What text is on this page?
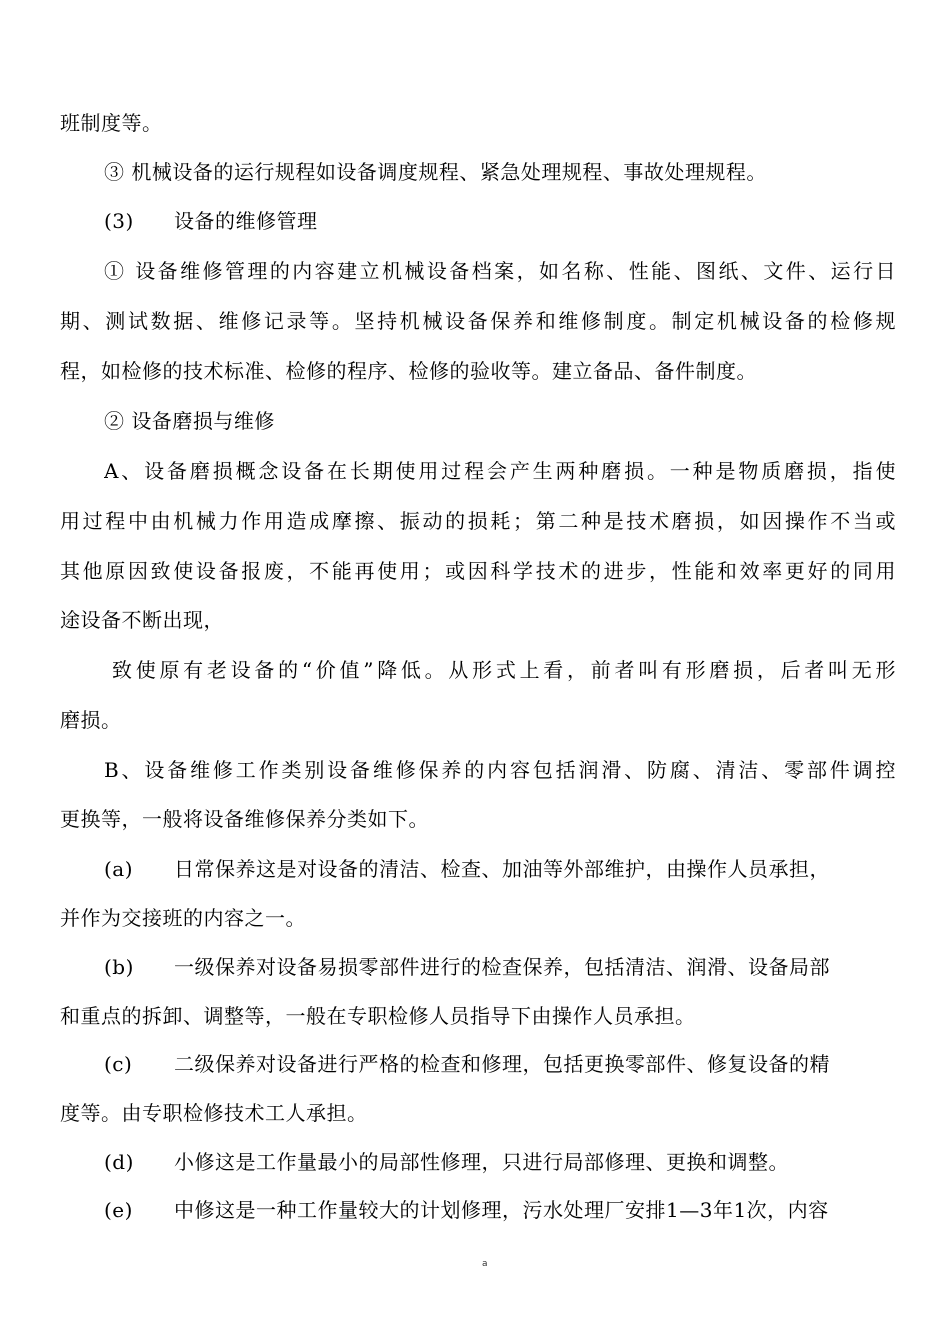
班制度等。
③ 机械设备的运行规程如设备调度规程、紧急处理规程、事故处理规程。
(3) 设备的维修管理
① 设备维修管理的内容建立机械设备档案，如名称、性能、图纸、文件、运行日
期、测试数据、维修记录等。坚持机械设备保养和维修制度。制定机械设备的检修规
程，如检修的技术标准、检修的程序、检修的验收等。建立备品、备件制度。
② 设备磨损与维修
A、设备磨损概念设备在长期使用过程会产生两种磨损。一种是物质磨损，指使
用过程中由机械力作用造成摩擦、振动的损耗；第二种是技术磨损，如因操作不当或
其他原因致使设备报废，不能再使用；或因科学技术的进步，性能和效率更好的同用
途设备不断出现，
致使原有老设备的“价值”降低。从形式上看，前者叫有形磨损，后者叫无形
磨损。
B、设备维修工作类别设备维修保养的内容包括润滑、防腐、清洁、零部件调控
更换等，一般将设备维修保养分类如下。
(a) 日常保养这是对设备的清洁、检查、加油等外部维护，由操作人员承担，
并作为交接班的内容之一。
(b) 一级保养对设备易损零部件进行的检查保养，包括清洁、润滑、设备局部
和重点的拆卸、调整等，一般在专职检修人员指导下由操作人员承担。
(c) 二级保养对设备进行严格的检查和修理，包括更换零部件、修复设备的精
度等。由专职检修技术工人承担。
(d) 小修这是工作量最小的局部性修理，只进行局部修理、更换和调整。
(e) 中修这是一种工作量较大的计划修理，污水处理厂安排1—3年1次，内容
a
